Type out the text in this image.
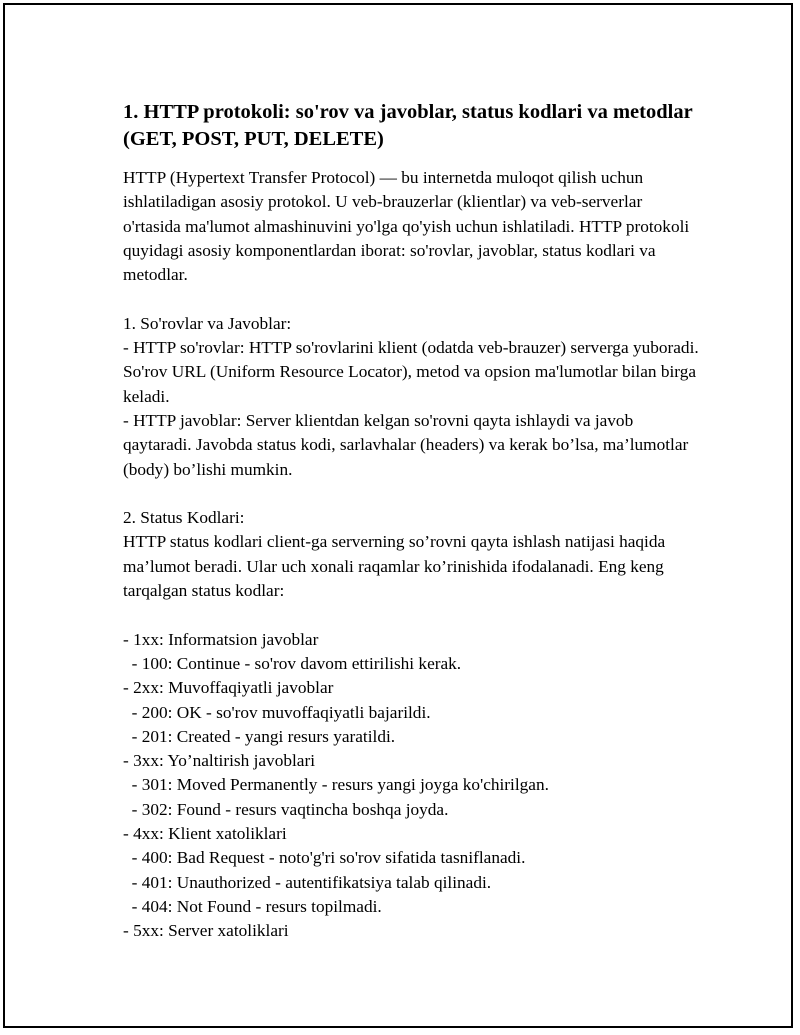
1. HTTP protokoli: so'rov va javoblar, status kodlari va metodlar (GET, POST, PUT, DELETE)

HTTP (Hypertext Transfer Protocol) — bu internetda muloqot qilish uchun ishlatiladigan asosiy protokol. U veb-brauzerlar (klientlar) va veb-serverlar o'rtasida ma'lumot almashinuvini yo'lga qo'yish uchun ishlatiladi. HTTP protokoli quyidagi asosiy komponentlardan iborat: so'rovlar, javoblar, status kodlari va metodlar.

1. So'rovlar va Javoblar:

- HTTP so'rovlar: HTTP so'rovlarini klient (odatda veb-brauzer) serverga yuboradi. So'rov URL (Uniform Resource Locator), metod va opsion ma'lumotlar bilan birga keladi.

- HTTP javoblar: Server klientdan kelgan so'rovni qayta ishlaydi va javob qaytaradi. Javobda status kodi, sarlavhalar (headers) va kerak bo’lsa, ma’lumotlar (body) bo’lishi mumkin.

2. Status Kodlari:

HTTP status kodlari client-ga serverning so’rovni qayta ishlash natijasi haqida ma’lumot beradi. Ular uch xonali raqamlar ko’rinishida ifodalanadi. Eng keng tarqalgan status kodlar:

- 1xx: Informatsion javoblar
- 100: Continue - so'rov davom ettirilishi kerak.
- 2xx: Muvoffaqiyatli javoblar
- 200: OK - so'rov muvoffaqiyatli bajarildi.
- 201: Created - yangi resurs yaratildi.
- 3xx: Yo’naltirish javoblari
- 301: Moved Permanently - resurs yangi joyga ko'chirilgan.
- 302: Found - resurs vaqtincha boshqa joyda.
- 4xx: Klient xatoliklari
- 400: Bad Request - noto'g'ri so'rov sifatida tasniflanadi.
- 401: Unauthorized - autentifikatsiya talab qilinadi.
- 404: Not Found - resurs topilmadi.
- 5xx: Server xatoliklari
